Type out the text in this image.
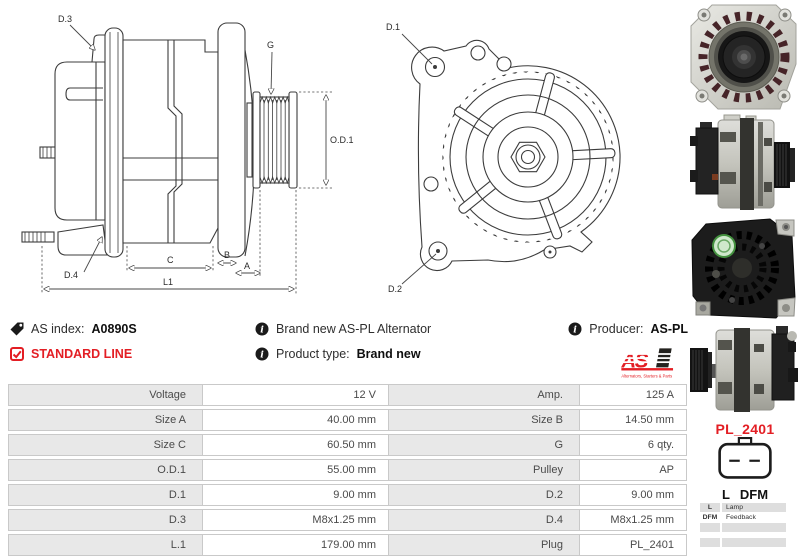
D.3
G
O.D.1
D.4
C	B
A
L1
D.1
D.2
AS index: A0890S
STANDARD LINE
i Brand new AS-PL Alternator
i Product type: Brand new
i Producer: AS-PL
Alternators, Starters & Parts
Voltage	12 V	Amp.	125 A
Size A	40.00 mm	Size B	14.50 mm
Size C	60.50 mm	G	6 qty.
O.D.1	55.00 mm	Pulley	AP
D.1	9.00 mm	D.2	9.00 mm
D.3	M8x1.25 mm	D.4	M8x1.25 mm
L.1	179.00 mm	Plug	PL_2401
PL_2401
L DFM
L	Lamp
DFM	Feedback
